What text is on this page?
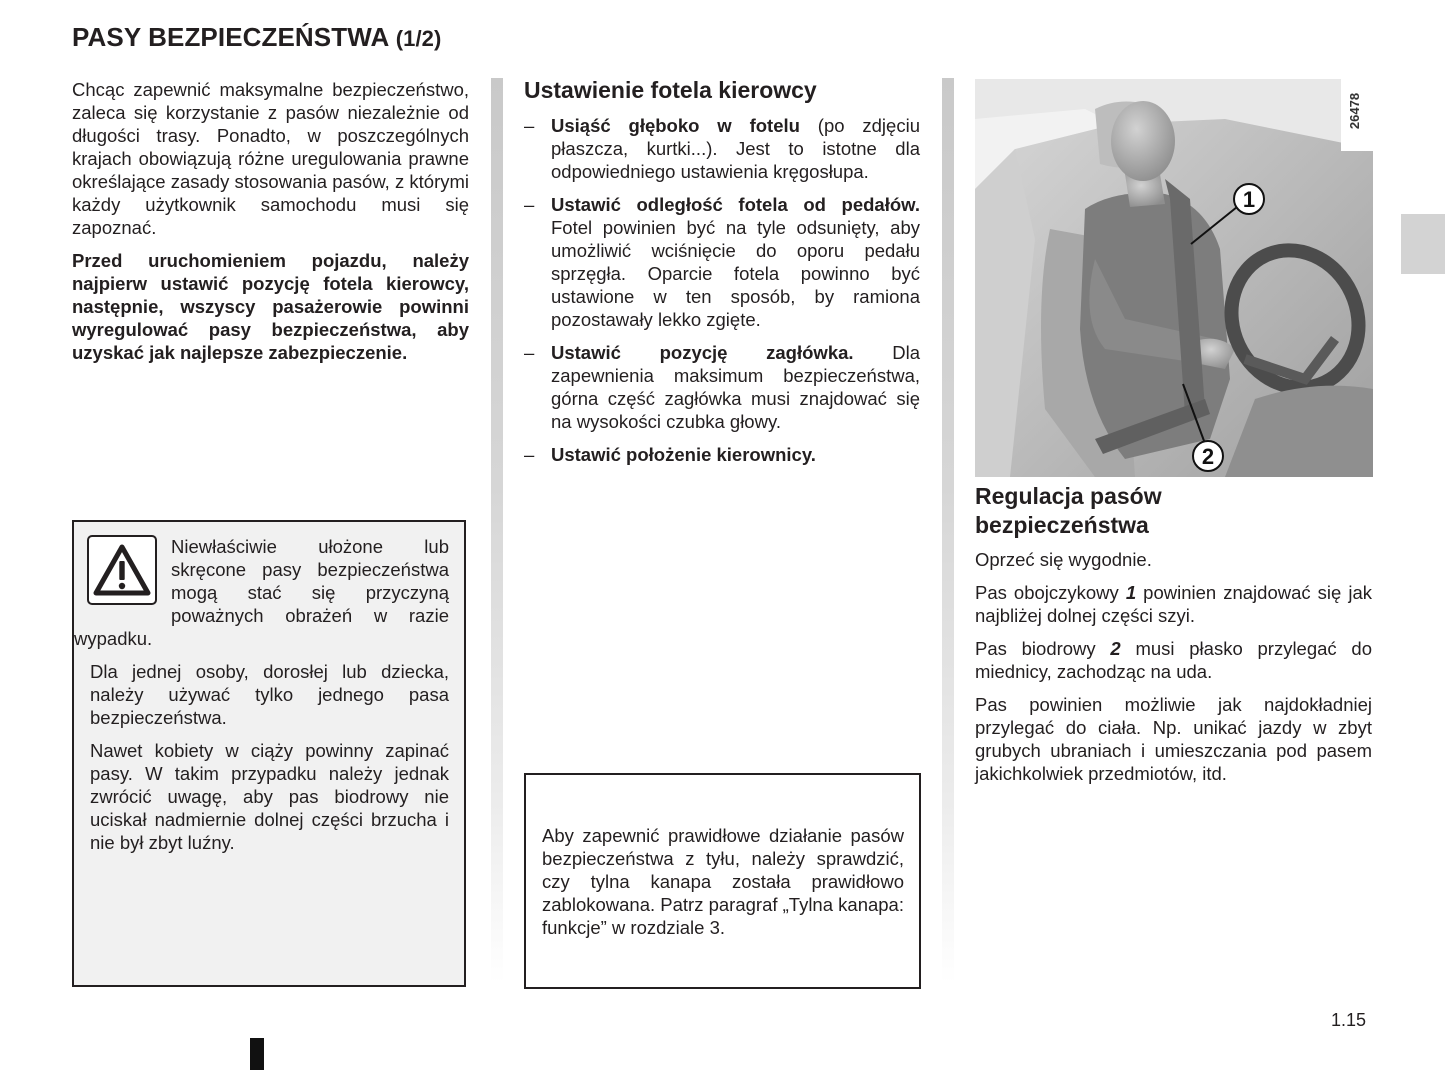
PASY BEZPIECZEŃSTWA (1/2)

Chcąc zapewnić maksymalne bezpieczeństwo, zaleca się korzystanie z pasów niezależnie od długości trasy. Ponadto, w poszczególnych krajach obowiązują różne uregulowania prawne określające zasady stosowania pasów, z którymi każdy użytkownik samochodu musi się zapoznać.

Przed uruchomieniem pojazdu, należy najpierw ustawić pozycję fotela kierowcy, następnie, wszyscy pasażerowie powinni wyregulować pasy bezpieczeństwa, aby uzyskać jak najlepsze zabezpieczenie.

Niewłaściwie ułożone lub skręcone pasy bezpieczeństwa mogą stać się przyczyną poważnych obrażeń w razie wypadku.

Dla jednej osoby, dorosłej lub dziecka, należy używać tylko jednego pasa bezpieczeństwa.

Nawet kobiety w ciąży powinny zapinać pasy. W takim przypadku należy jednak zwrócić uwagę, aby pas biodrowy nie uciskał nadmiernie dolnej części brzucha i nie był zbyt luźny.

Ustawienie fotela kierowcy
– Usiąść głęboko w fotelu (po zdjęciu płaszcza, kurtki...). Jest to istotne dla odpowiedniego ustawienia kręgosłupa.
– Ustawić odległość fotela od pedałów. Fotel powinien być na tyle odsunięty, aby umożliwić wciśnięcie do oporu pedału sprzęgła. Oparcie fotela powinno być ustawione w ten sposób, by ramiona pozostawały lekko zgięte.
– Ustawić pozycję zagłówka. Dla zapewnienia maksimum bezpieczeństwa, górna część zagłówka musi znajdować się na wysokości czubka głowy.
– Ustawić położenie kierownicy.
Aby zapewnić prawidłowe działanie pasów bezpieczeństwa z tyłu, należy sprawdzić, czy tylna kanapa została prawidłowo zablokowana. Patrz paragraf „Tylna kanapa: funkcje” w rozdziale 3.
1
2
26478
Regulacja pasów
bezpieczeństwa

Oprzeć się wygodnie.

Pas obojczykowy 1 powinien znajdować się jak najbliżej dolnej części szyi.

Pas biodrowy 2 musi płasko przylegać do miednicy, zachodząc na uda.

Pas powinien możliwie jak najdokładniej przylegać do ciała. Np. unikać jazdy w zbyt grubych ubraniach i umieszczania pod pasem jakichkolwiek przedmiotów, itd.

1.15
